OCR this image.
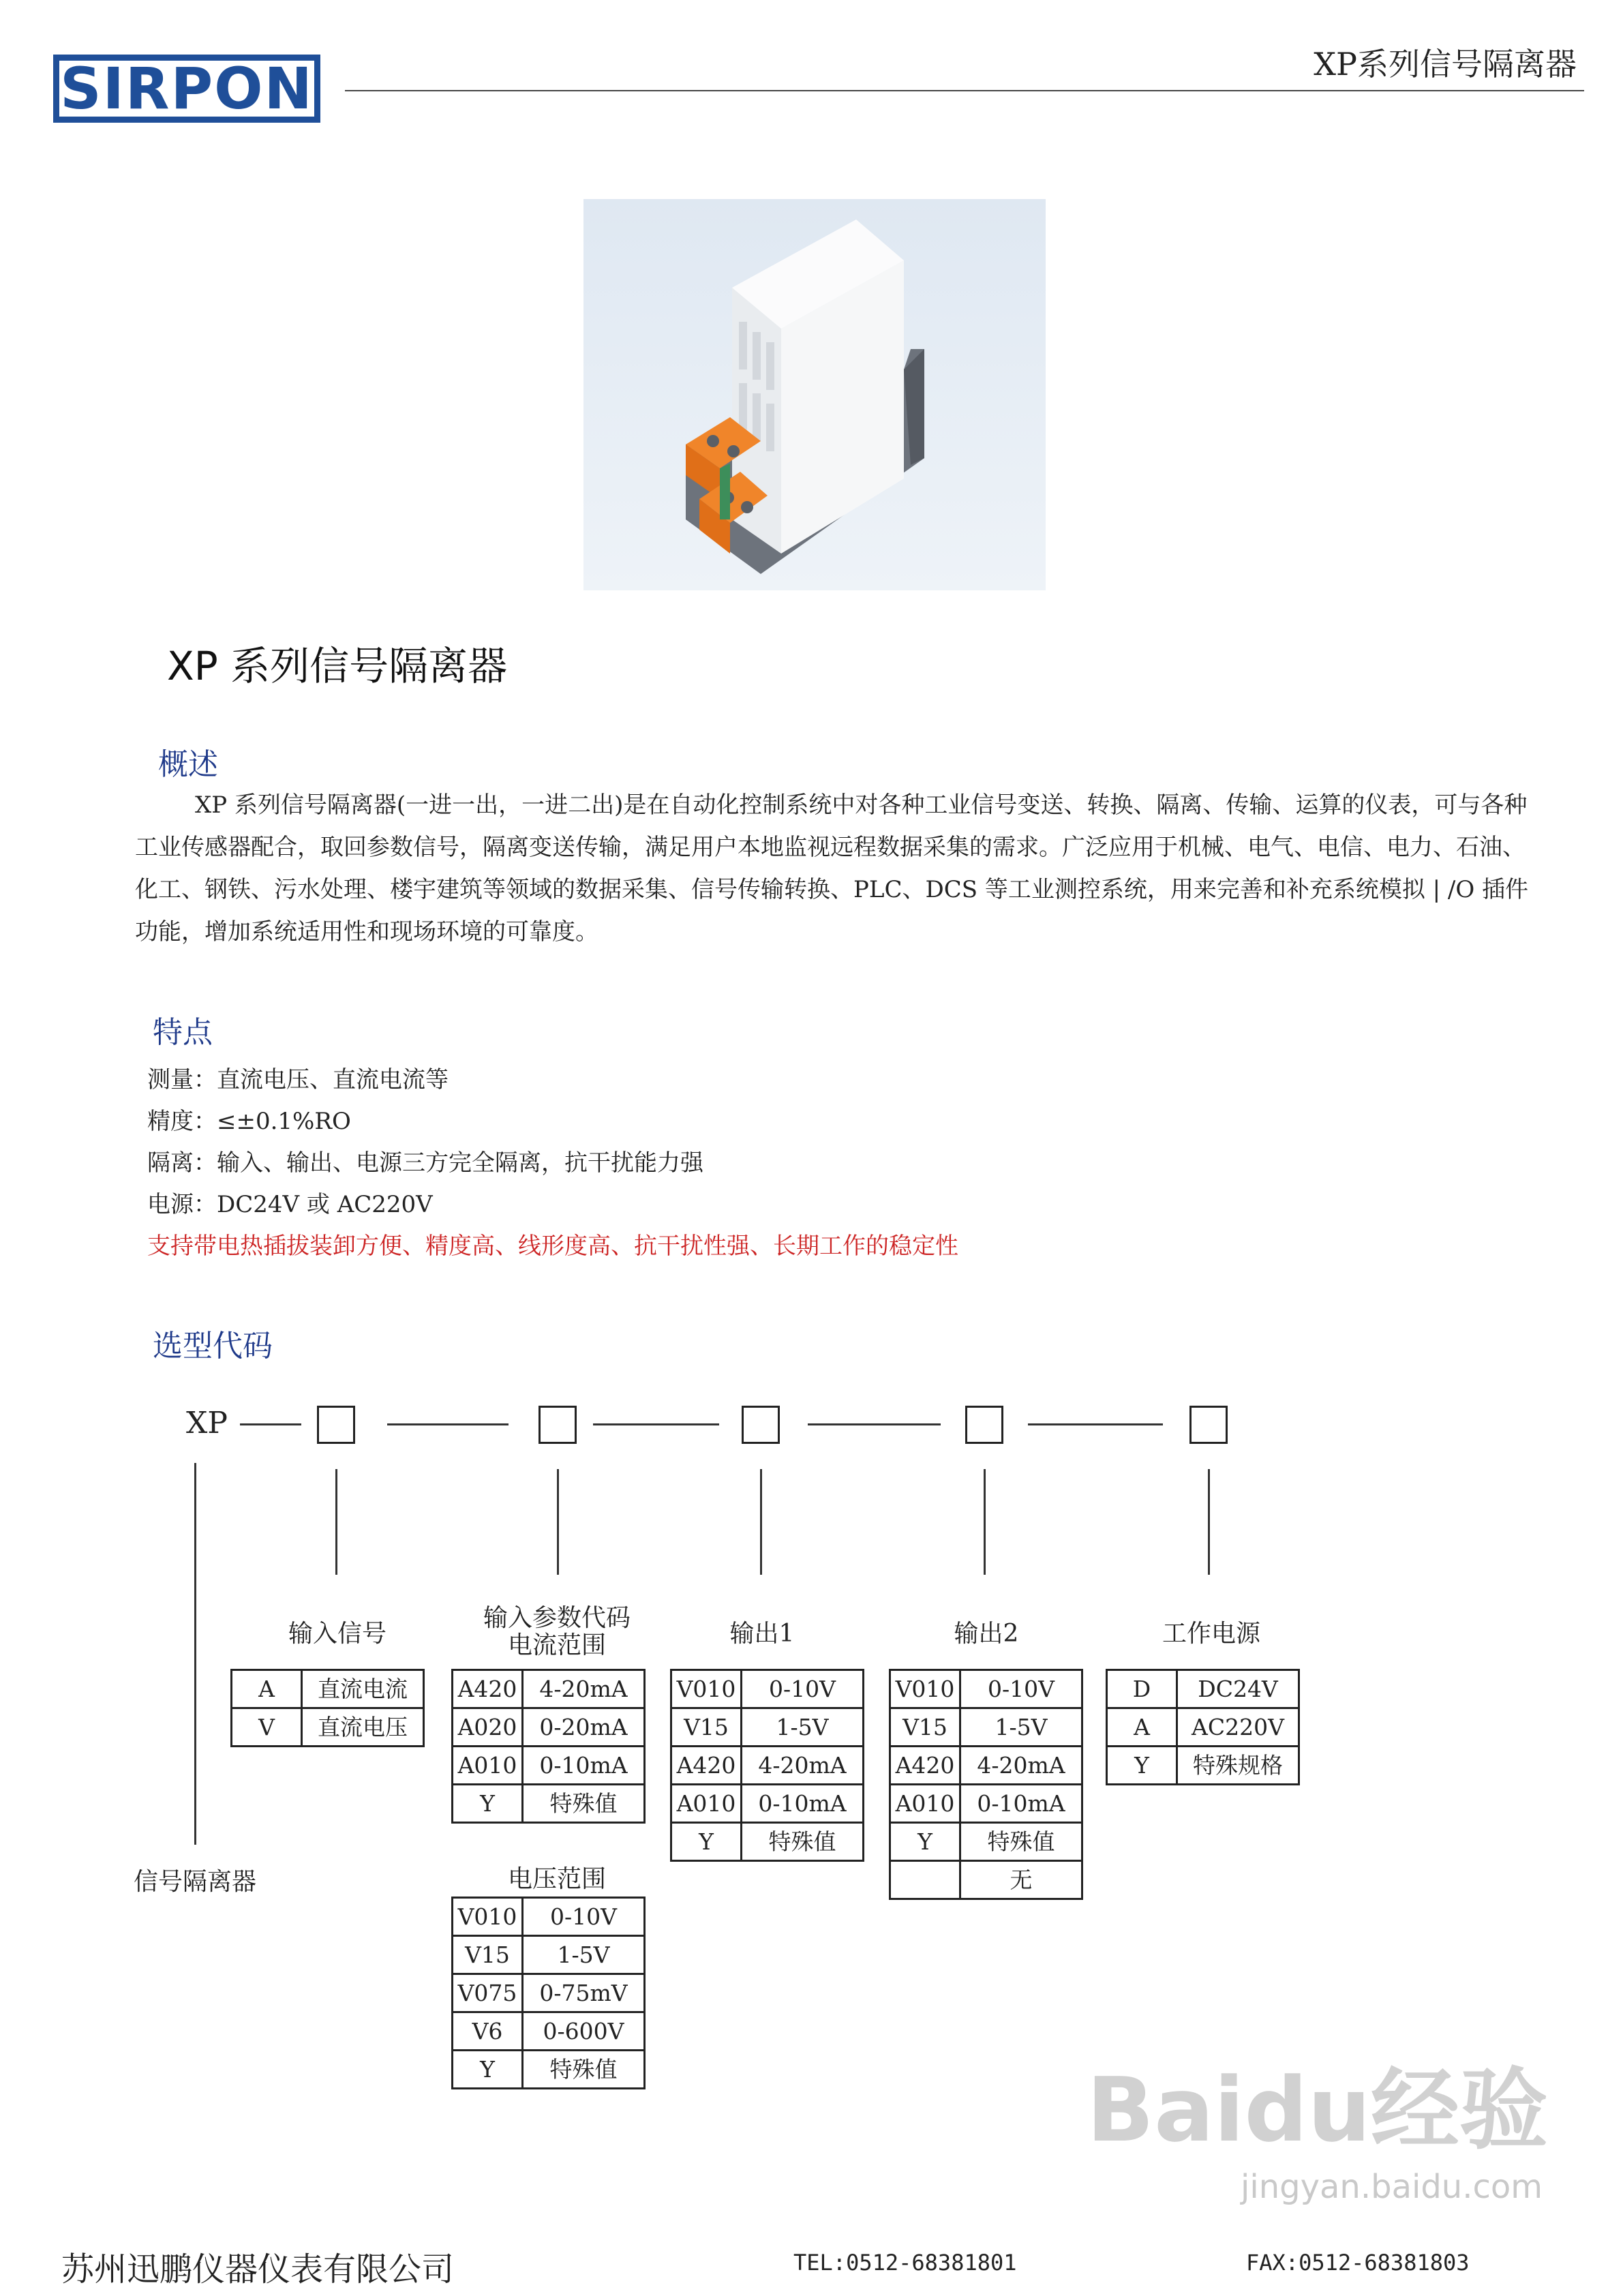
SIRPON	XP系列信号隔离器
XP 系列信号隔离器
概述
XP 系列信号隔离器(一进一出，一进二出)是在自动化控制系统中对各种工业信号变送、转换、隔离、传输、运算的仪表，可与各种工业传感器配合，取回参数信号，隔离变送传输，满足用户本地监视远程数据采集的需求。广泛应用于机械、电气、电信、电力、石油、化工、钢铁、污水处理、楼宇建筑等领域的数据采集、信号传输转换、PLC、DCS 等工业测控系统，用来完善和补充系统模拟 | /O 插件功能，增加系统适用性和现场环境的可靠度。
特点
测量：直流电压、直流电流等
精度：≤±0.1%RO
隔离：输入、输出、电源三方完全隔离，抗干扰能力强
电源：DC24V 或 AC220V
支持带电热插拔装卸方便、精度高、线形度高、抗干扰性强、长期工作的稳定性
选型代码
XP
信号隔离器
输入信号
输入参数代码
电流范围	输出1	输出2	工作电源
电压范围
A	直流电流
V	直流电压
A420	4-20mA
A020	0-20mA
A010	0-10mA
Y	特殊值
V010	0-10V
V15	1-5V
V075	0-75mV
V6	0-600V
Y	特殊值
V010	0-10V
V15	1-5V
A420	4-20mA
A010	0-10mA
Y	特殊值
V010	0-10V
V15	1-5V
A420	4-20mA
A010	0-10mA
Y	特殊值
	无
D	DC24V
A	AC220V
Y	特殊规格
Baidu经验
jingyan.baidu.com
苏州迅鹏仪器仪表有限公司	TEL:0512-68381801	FAX:0512-68381803
